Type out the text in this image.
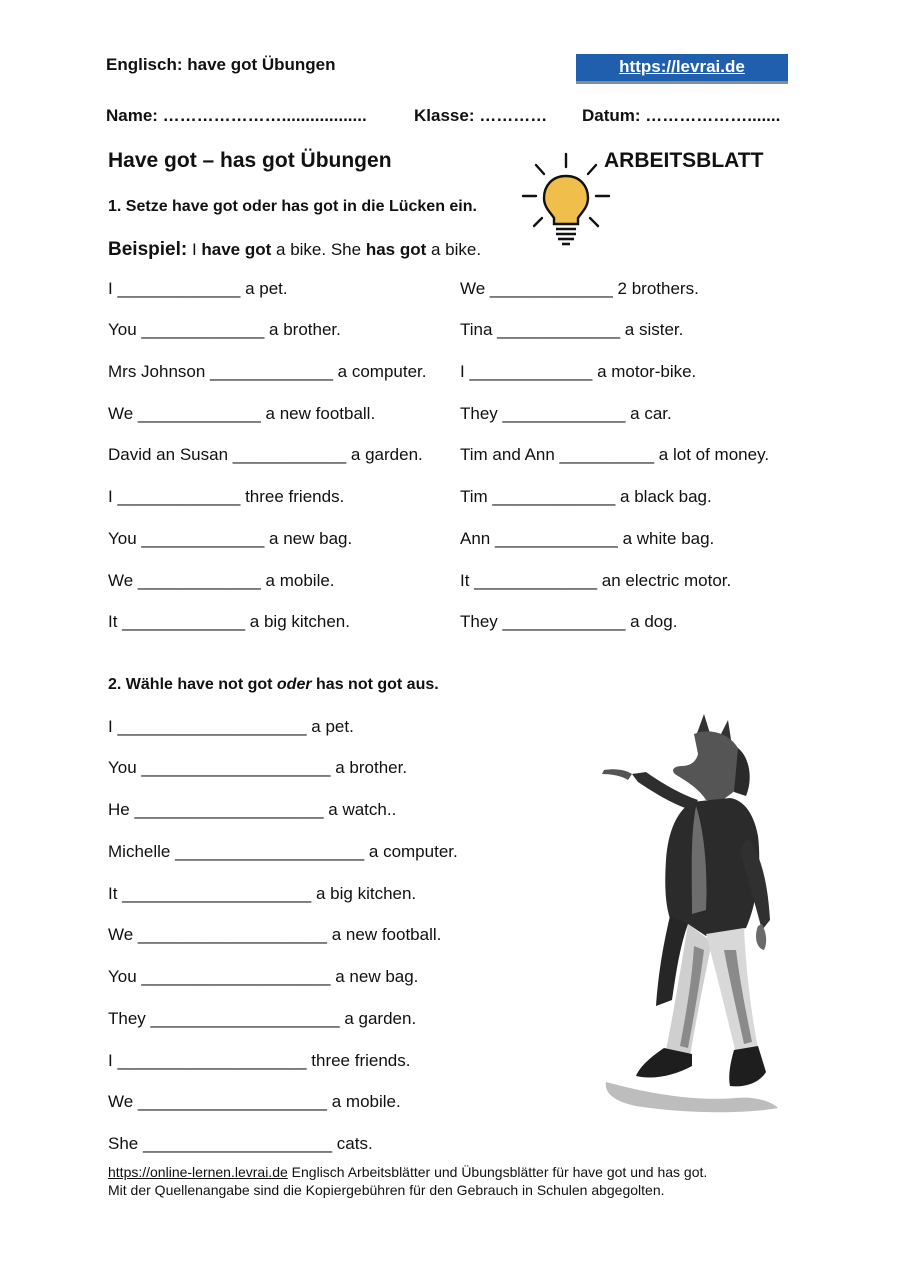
Englisch: have got Übungen	https://levrai.de
Name: …………………..................	Klasse: ………… Datum: ……………….......
Have got – has got Übungen	ARBEITSBLATT
1. Setze have got oder has got in die Lücken ein.
Beispiel: I have got a bike. She has got a bike.
I _____________ a pet.
You _____________ a brother.
Mrs Johnson _____________ a computer.
We _____________ a new football.
David an Susan ____________ a garden.
I _____________ three friends.
You _____________ a new bag.
We _____________ a mobile.
It _____________ a big kitchen.
We _____________ 2 brothers.
Tina _____________ a sister.
I _____________ a motor-bike.
They _____________ a car.
Tim and Ann __________ a lot of money.
Tim _____________ a black bag.
Ann _____________ a white bag.
It _____________ an electric motor.
They _____________ a dog.
2. Wähle have not got oder has not got aus.
I ____________________ a pet.
You ____________________ a brother.
He ____________________ a watch..
Michelle ____________________ a computer.
It ____________________ a big kitchen.
We ____________________ a new football.
You ____________________ a new bag.
They ____________________ a garden.
I ____________________ three friends.
We ____________________ a mobile.
She ____________________ cats.
https://online-lernen.levrai.de Englisch Arbeitsblätter und Übungsblätter für have got und has got.
Mit der Quellenangabe sind die Kopiergebühren für den Gebrauch in Schulen abgegolten.
